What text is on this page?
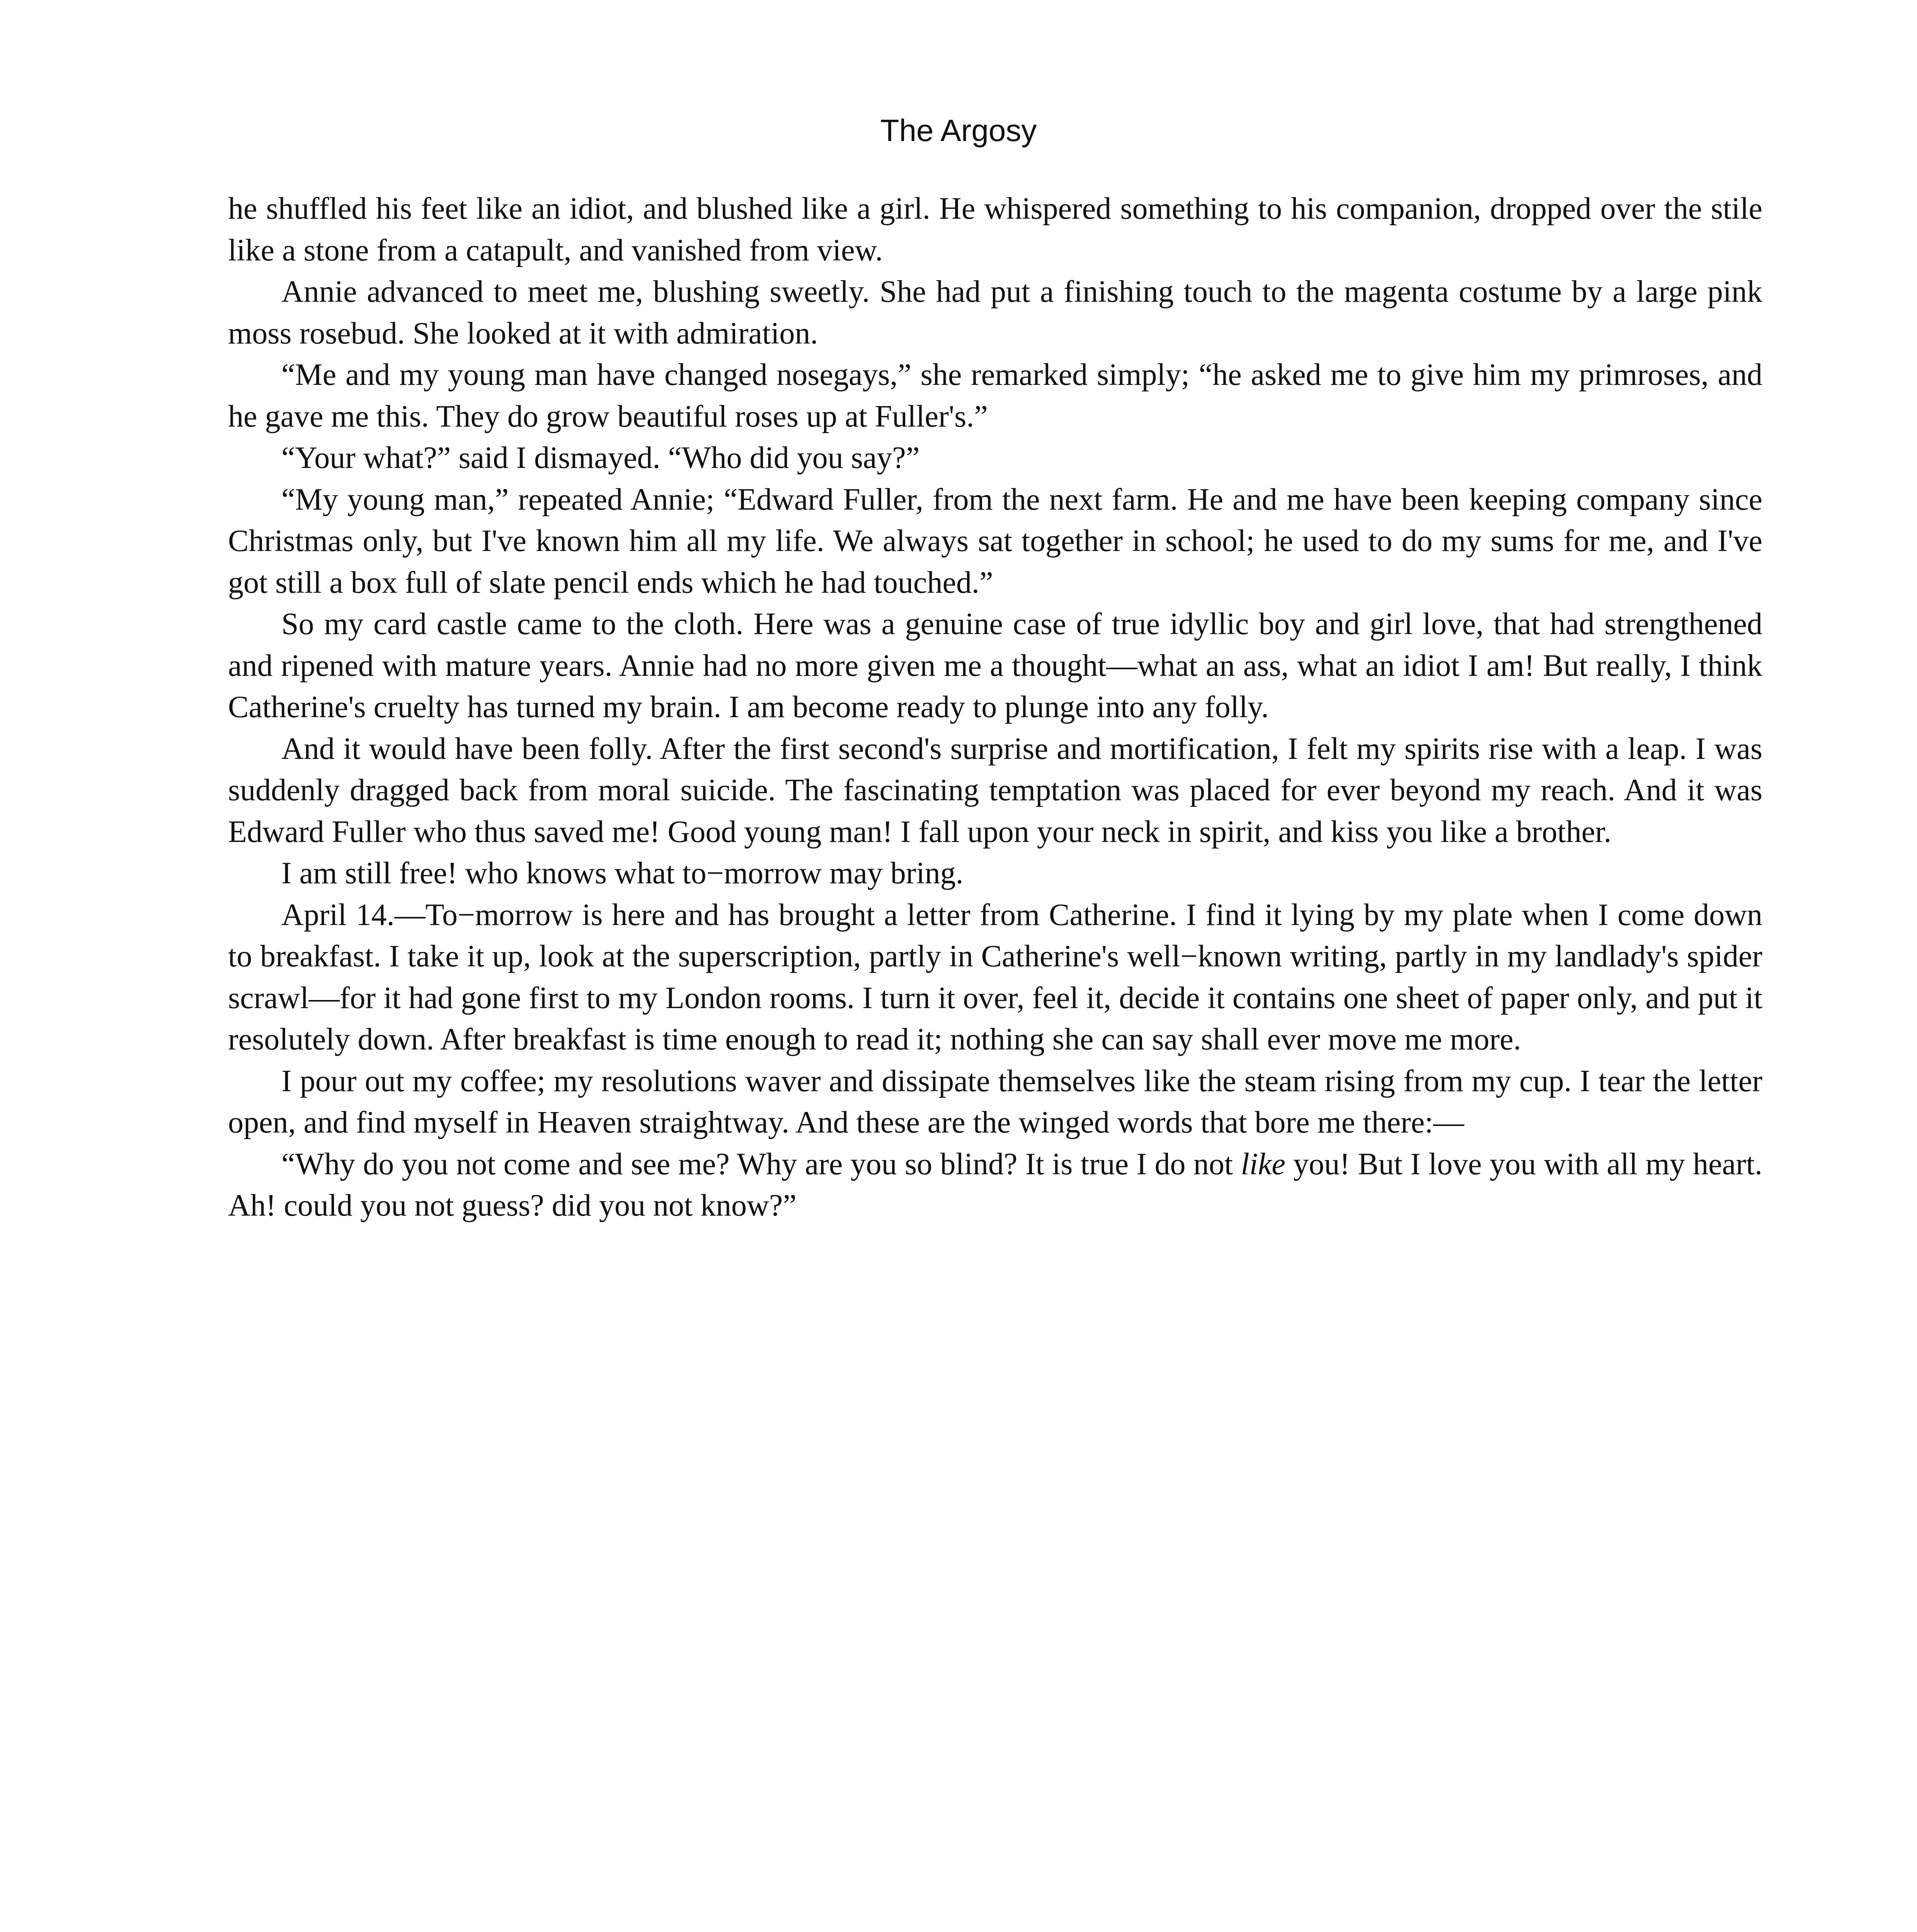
The Argosy

he shuffled his feet like an idiot, and blushed like a girl. He whispered something to his companion, dropped over the stile like a stone from a catapult, and vanished from view.

Annie advanced to meet me, blushing sweetly. She had put a finishing touch to the magenta costume by a large pink moss rosebud. She looked at it with admiration.

“Me and my young man have changed nosegays,” she remarked simply; “he asked me to give him my primroses, and he gave me this. They do grow beautiful roses up at Fuller's.”

“Your what?” said I dismayed. “Who did you say?”

“My young man,” repeated Annie; “Edward Fuller, from the next farm. He and me have been keeping company since Christmas only, but I've known him all my life. We always sat together in school; he used to do my sums for me, and I've got still a box full of slate pencil ends which he had touched.”

So my card castle came to the cloth. Here was a genuine case of true idyllic boy and girl love, that had strengthened and ripened with mature years. Annie had no more given me a thought—what an ass, what an idiot I am! But really, I think Catherine's cruelty has turned my brain. I am become ready to plunge into any folly.

And it would have been folly. After the first second's surprise and mortification, I felt my spirits rise with a leap. I was suddenly dragged back from moral suicide. The fascinating temptation was placed for ever beyond my reach. And it was Edward Fuller who thus saved me! Good young man! I fall upon your neck in spirit, and kiss you like a brother.

I am still free! who knows what to−morrow may bring.

April 14.—To−morrow is here and has brought a letter from Catherine. I find it lying by my plate when I come down to breakfast. I take it up, look at the superscription, partly in Catherine's well−known writing, partly in my landlady's spider scrawl—for it had gone first to my London rooms. I turn it over, feel it, decide it contains one sheet of paper only, and put it resolutely down. After breakfast is time enough to read it; nothing she can say shall ever move me more.

I pour out my coffee; my resolutions waver and dissipate themselves like the steam rising from my cup. I tear the letter open, and find myself in Heaven straightway. And these are the winged words that bore me there:—

“Why do you not come and see me? Why are you so blind? It is true I do not like you! But I love you with all my heart. Ah! could you not guess? did you not know?”
